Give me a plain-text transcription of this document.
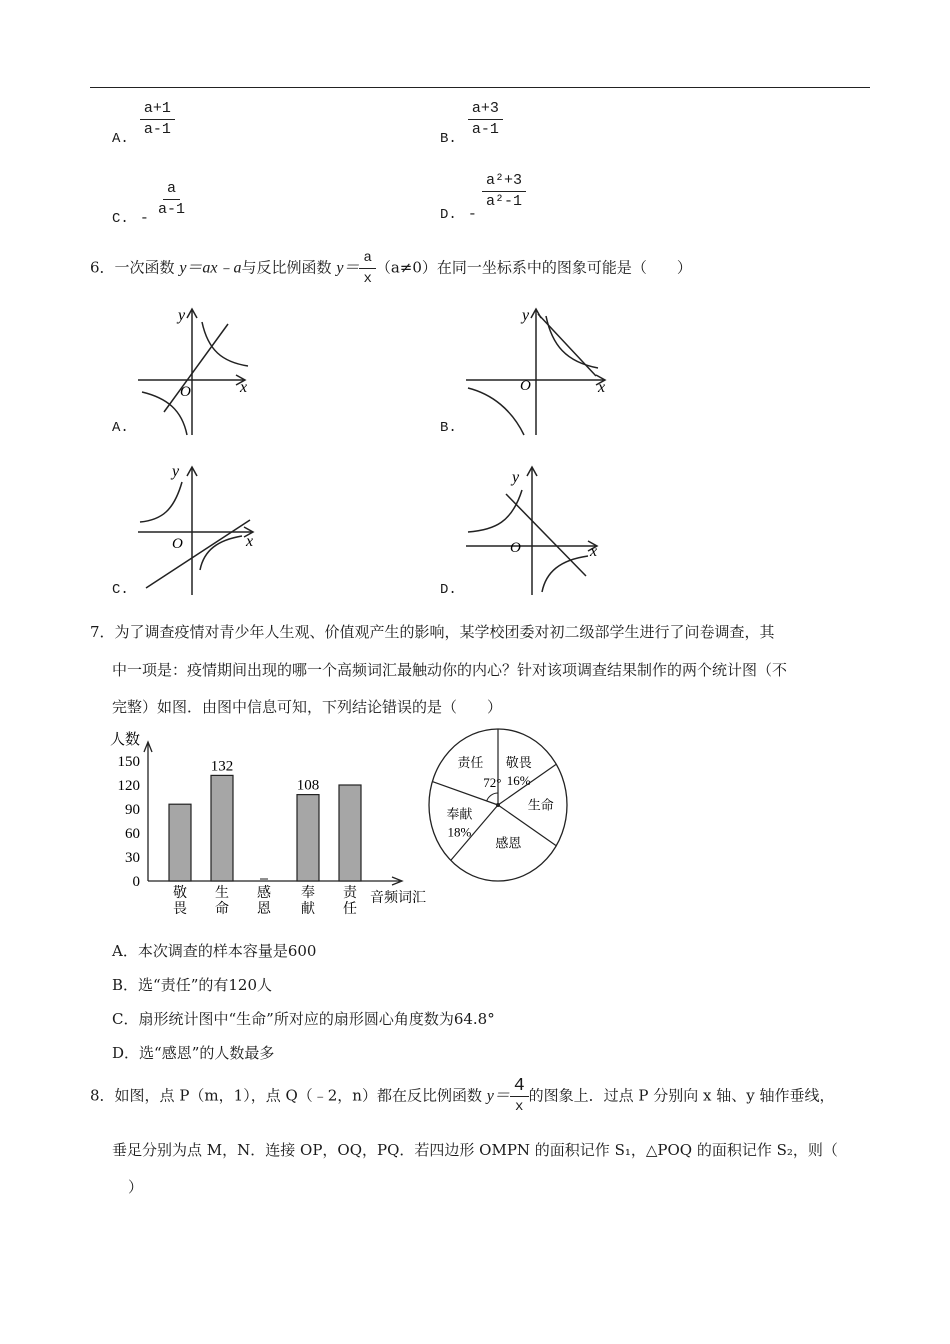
A. $\frac{a+1}{a-1}$	B. $\frac{a+3}{a-1}$
C. - $\frac{a}{a-1}$	D. -
$\frac{\text{a²+3}}{\text{a²-1}}$
6．一次函数 y＝ax﹣a与反比例函数 $y= \frac{a}{x} (a\ne 0)$在同一坐标系中的图象可能是（　　）
x
y
O
A.
x
y
O
B.
x
y
O
C.
x
y
O
D.
7．为了调查疫情对青少年人生观、价值观产生的影响，某学校团委对初二级部学生进行了问卷调查，其
中一项是：疫情期间出现的哪一个高频词汇最触动你的内心？针对该项调查结果制作的两个统计图（不
完整）如图．由图中信息可知，下列结论错误的是（　　）
人数
音频词汇
0
30
60
90
120
150
敬畏
132
生命
感恩
108
奉献
责任
责任
72°
敬畏
16%
生命
感恩
奉献
18%
A．本次调查的样本容量是600
B．选“责任”的有120人
C．扇形统计图中“生命”所对应的扇形圆心角度数为64.8°
D．选“感恩”的人数最多
8．如图，点 P（m，1），点 Q（﹣2，n）都在反比例函数 $y= \frac{4}{x}$ 的图象上．过点 P 分别向 x 轴、y 轴作垂线，
垂足分别为点 M，N．连接 OP，OQ，PQ．若四边形 OMPN 的面积记作 S₁，△POQ 的面积记作 S₂，则（
）
